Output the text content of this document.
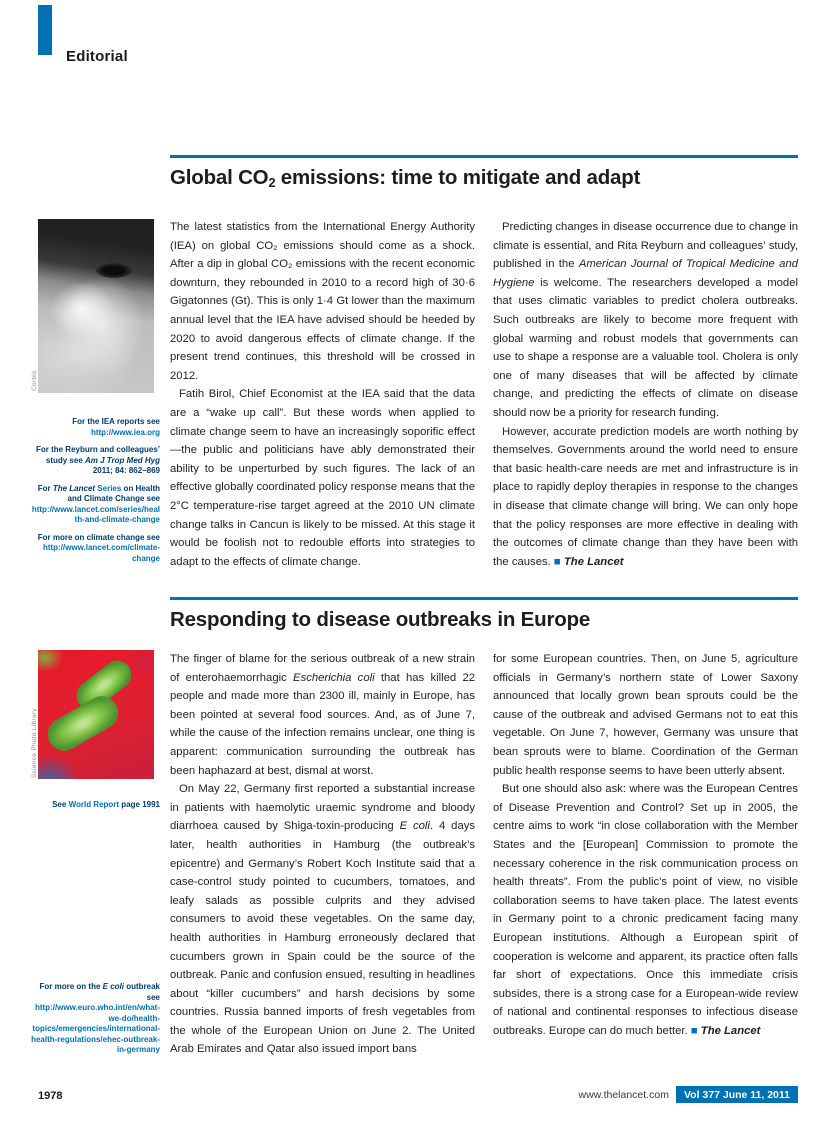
Editorial
Global CO2 emissions: time to mitigate and adapt
Corbis

For the IEA reports see http://www.iea.org

For the Reyburn and colleagues’ study see Am J Trop Med Hyg 2011; 84: 862–869

For The Lancet Series on Health and Climate Change see http://www.lancet.com/series/health-and-climate-change

For more on climate change see http://www.lancet.com/climate-change

The latest statistics from the International Energy Authority (IEA) on global CO₂ emissions should come as a shock. After a dip in global CO₂ emissions with the recent economic downturn, they rebounded in 2010 to a record high of 30·6 Gigatonnes (Gt). This is only 1·4 Gt lower than the maximum annual level that the IEA have advised should be heeded by 2020 to avoid dangerous effects of climate change. If the present trend continues, this threshold will be crossed in 2012.

Fatih Birol, Chief Economist at the IEA said that the data are a “wake up call”. But these words when applied to climate change seem to have an increasingly soporific effect—the public and politicians have ably demonstrated their ability to be unperturbed by such figures. The lack of an effective globally coordinated policy response means that the 2°C temperature-rise target agreed at the 2010 UN climate change talks in Cancun is likely to be missed. At this stage it would be foolish not to redouble efforts into strategies to adapt to the effects of climate change.

Predicting changes in disease occurrence due to change in climate is essential, and Rita Reyburn and colleagues’ study, published in the American Journal of Tropical Medicine and Hygiene is welcome. The researchers developed a model that uses climatic variables to predict cholera outbreaks. Such outbreaks are likely to become more frequent with global warming and robust models that governments can use to shape a response are a valuable tool. Cholera is only one of many diseases that will be affected by climate change, and predicting the effects of climate on disease should now be a priority for research funding.

However, accurate prediction models are worth nothing by themselves. Governments around the world need to ensure that basic health-care needs are met and infrastructure is in place to rapidly deploy therapies in response to the changes in disease that climate change will bring. We can only hope that the policy responses are more effective in dealing with the outcomes of climate change than they have been with the causes. ■ The Lancet

Responding to disease outbreaks in Europe
Science Photo Library

See World Report page 1991

For more on the E coli outbreak see http://www.euro.who.int/en/what-we-do/health-topics/emergencies/international-health-regulations/ehec-outbreak-in-germany

The finger of blame for the serious outbreak of a new strain of enterohaemorrhagic Escherichia coli that has killed 22 people and made more than 2300 ill, mainly in Europe, has been pointed at several food sources. And, as of June 7, while the cause of the infection remains unclear, one thing is apparent: communication surrounding the outbreak has been haphazard at best, dismal at worst.

On May 22, Germany first reported a substantial increase in patients with haemolytic uraemic syndrome and bloody diarrhoea caused by Shiga-toxin-producing E coli. 4 days later, health authorities in Hamburg (the outbreak’s epicentre) and Germany’s Robert Koch Institute said that a case-control study pointed to cucumbers, tomatoes, and leafy salads as possible culprits and they advised consumers to avoid these vegetables. On the same day, health authorities in Hamburg erroneously declared that cucumbers grown in Spain could be the source of the outbreak. Panic and confusion ensued, resulting in headlines about “killer cucumbers” and harsh decisions by some countries. Russia banned imports of fresh vegetables from the whole of the European Union on June 2. The United Arab Emirates and Qatar also issued import bans

for some European countries. Then, on June 5, agriculture officials in Germany’s northern state of Lower Saxony announced that locally grown bean sprouts could be the cause of the outbreak and advised Germans not to eat this vegetable. On June 7, however, Germany was unsure that bean sprouts were to blame. Coordination of the German public health response seems to have been utterly absent.

But one should also ask: where was the European Centres of Disease Prevention and Control? Set up in 2005, the centre aims to work “in close collaboration with the Member States and the [European] Commission to promote the necessary coherence in the risk communication process on health threats”. From the public’s point of view, no visible collaboration seems to have taken place. The latest events in Germany point to a chronic predicament facing many European institutions. Although a European spirit of cooperation is welcome and apparent, its practice often falls far short of expectations. Once this immediate crisis subsides, there is a strong case for a European-wide review of national and continental responses to infectious disease outbreaks. Europe can do much better. ■ The Lancet

1978	www.thelancet.com	Vol 377 June 11, 2011
